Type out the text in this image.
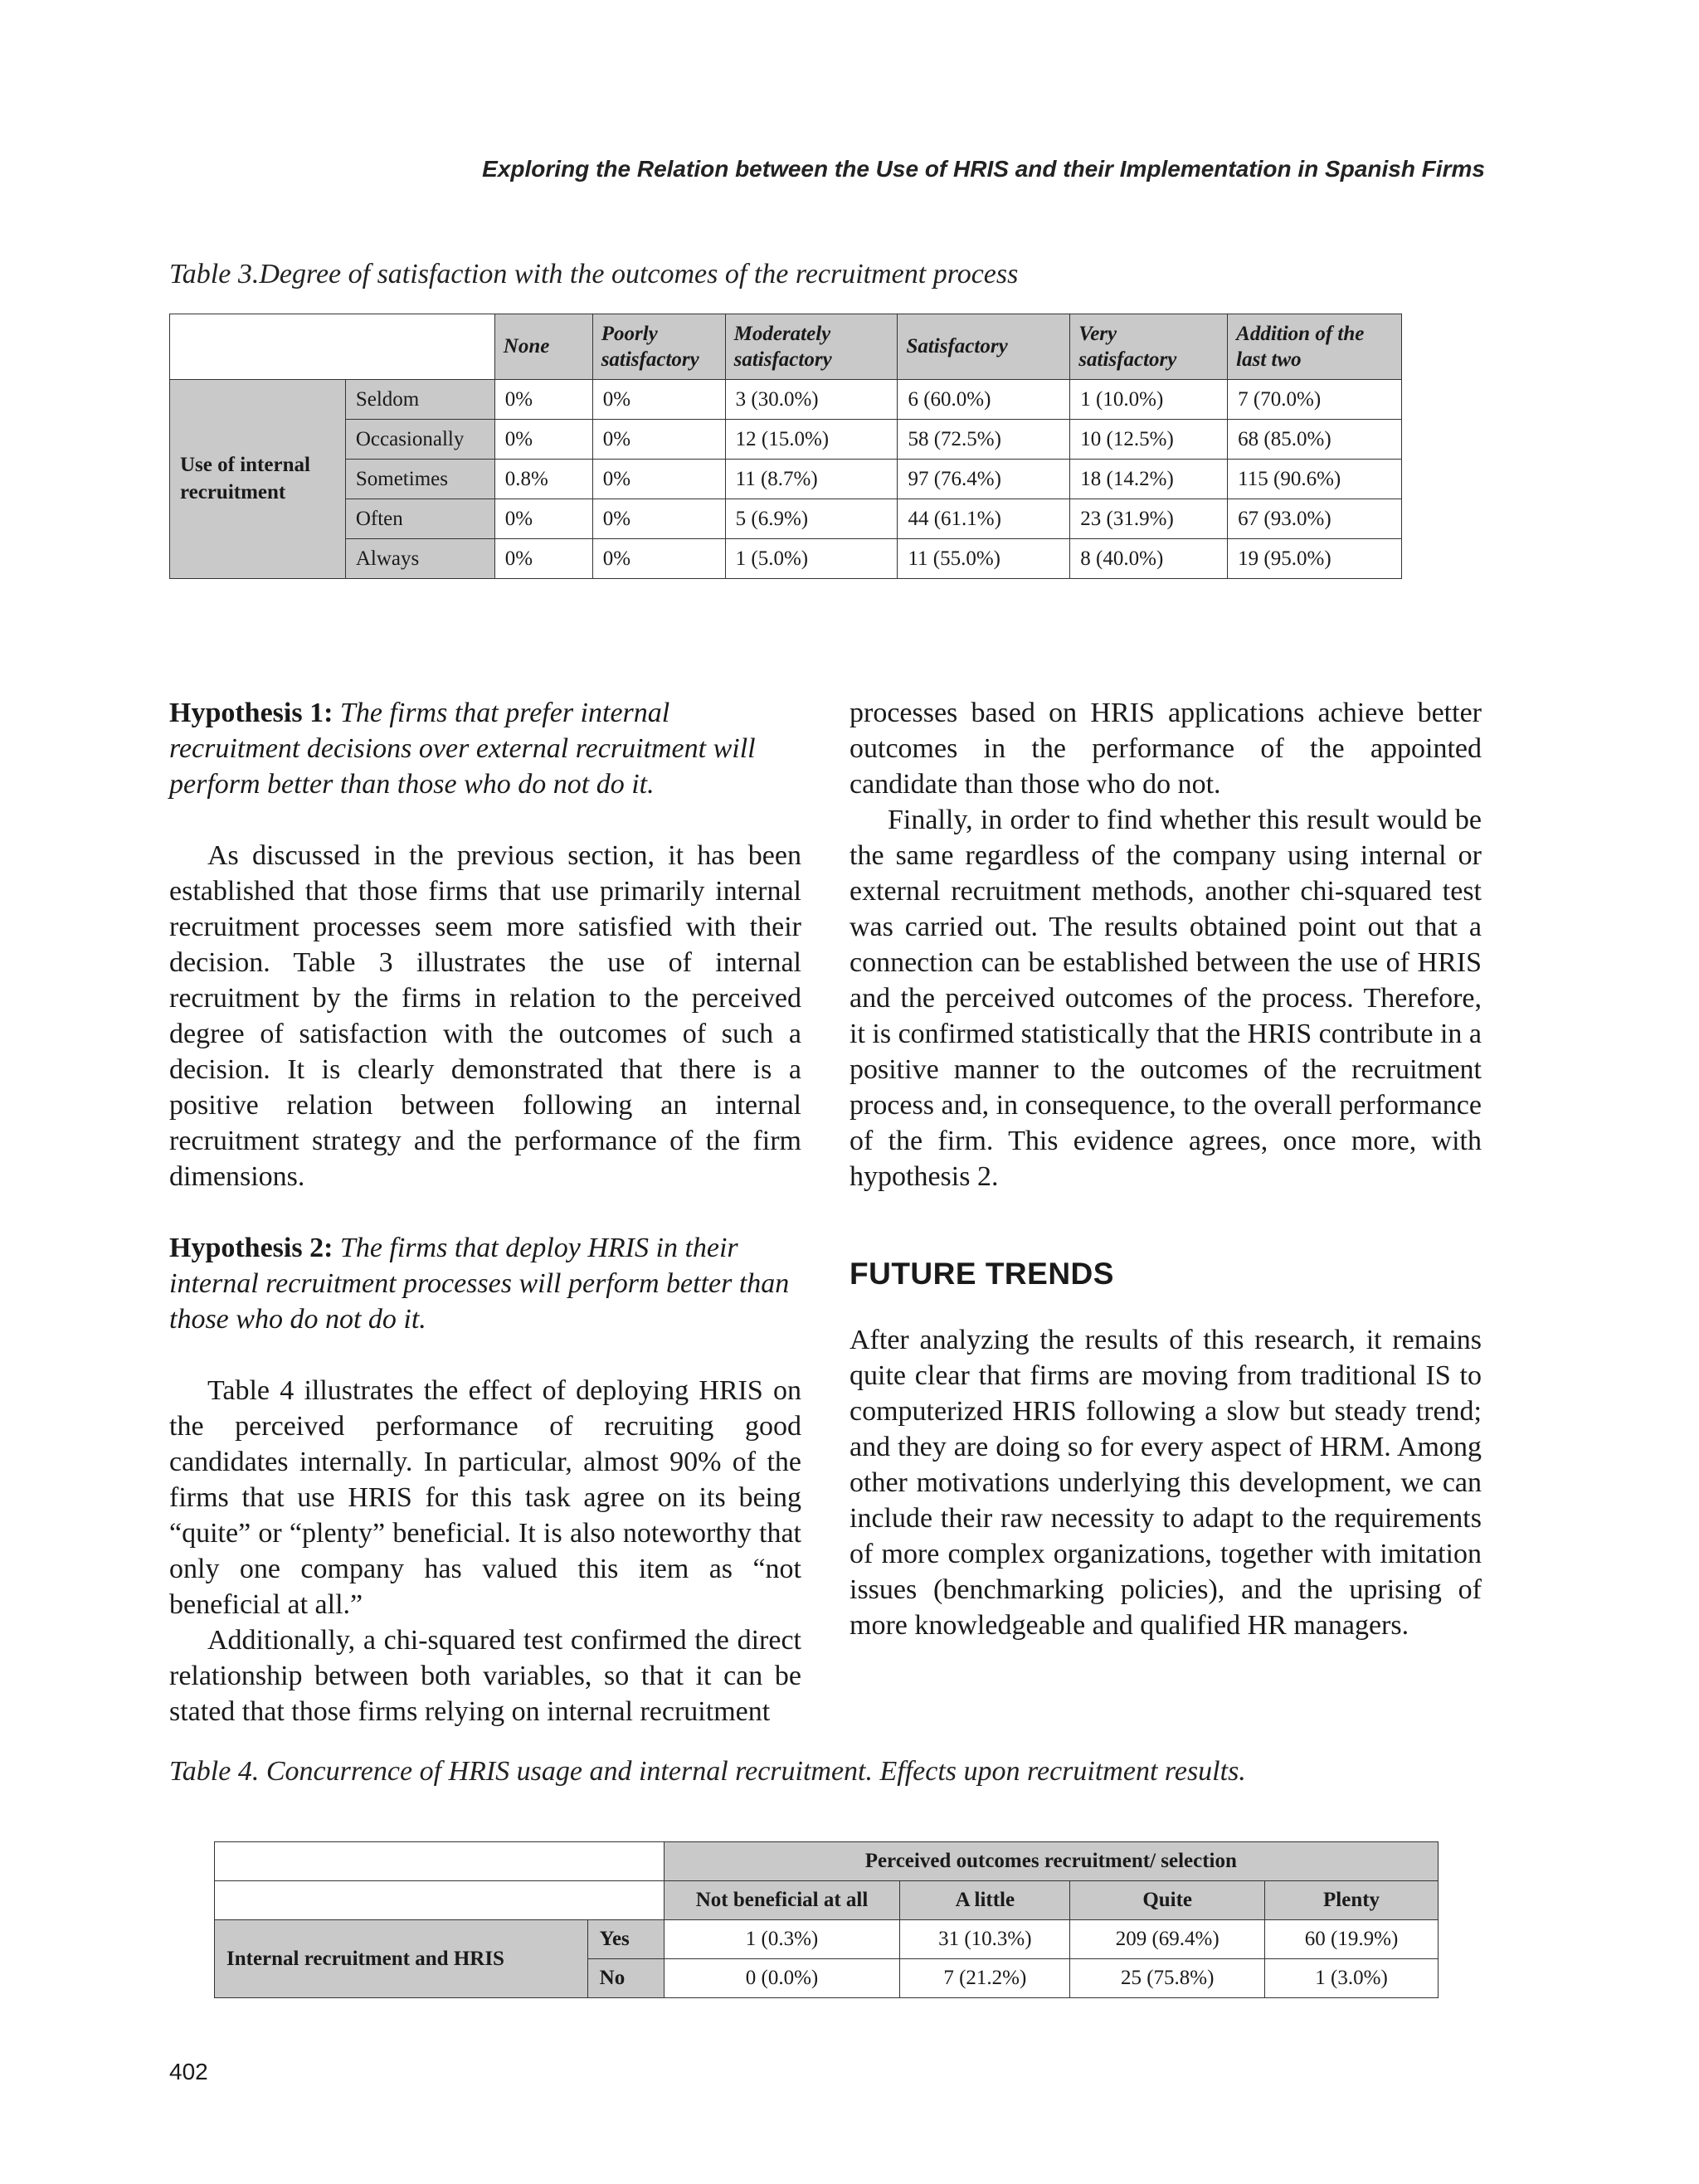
Exploring the Relation between the Use of HRIS and their Implementation in Spanish Firms

Table 3.Degree of satisfaction with the outcomes of the recruitment process

		None	Poorly satisfactory	Moderately satisfactory	Satisfactory	Very satisfactory	Addition of the last two
Use of internal recruitment	Seldom	0%	0%	3 (30.0%)	6 (60.0%)	1 (10.0%)	7 (70.0%)
	Occasionally	0%	0%	12 (15.0%)	58 (72.5%)	10 (12.5%)	68 (85.0%)
	Sometimes	0.8%	0%	11 (8.7%)	97 (76.4%)	18 (14.2%)	115 (90.6%)
	Often	0%	0%	5 (6.9%)	44 (61.1%)	23 (31.9%)	67 (93.0%)
	Always	0%	0%	1 (5.0%)	11 (55.0%)	8 (40.0%)	19 (95.0%)

Hypothesis 1: The firms that prefer internal recruitment decisions over external recruitment will perform better than those who do not do it.

As discussed in the previous section, it has been established that those firms that use primarily internal recruitment processes seem more satisfied with their decision. Table 3 illustrates the use of internal recruitment by the firms in relation to the perceived degree of satisfaction with the outcomes of such a decision. It is clearly demonstrated that there is a positive relation between following an internal recruitment strategy and the performance of the firm dimensions.

Hypothesis 2: The firms that deploy HRIS in their internal recruitment processes will perform better than those who do not do it.

Table 4 illustrates the effect of deploying HRIS on the perceived performance of recruiting good candidates internally. In particular, almost 90% of the firms that use HRIS for this task agree on its being “quite” or “plenty” beneficial. It is also noteworthy that only one company has valued this item as “not beneficial at all.”

Additionally, a chi-squared test confirmed the direct relationship between both variables, so that it can be stated that those firms relying on internal recruitment

processes based on HRIS applications achieve better outcomes in the performance of the appointed candidate than those who do not.

Finally, in order to find whether this result would be the same regardless of the company using internal or external recruitment methods, another chi-squared test was carried out. The results obtained point out that a connection can be established between the use of HRIS and the perceived outcomes of the process. Therefore, it is confirmed statistically that the HRIS contribute in a positive manner to the outcomes of the recruitment process and, in consequence, to the overall performance of the firm. This evidence agrees, once more, with hypothesis 2.

FUTURE TRENDS

After analyzing the results of this research, it remains quite clear that firms are moving from traditional IS to computerized HRIS following a slow but steady trend; and they are doing so for every aspect of HRM. Among other motivations underlying this development, we can include their raw necessity to adapt to the requirements of more complex organizations, together with imitation issues (benchmarking policies), and the uprising of more knowledgeable and qualified HR managers.

Table 4. Concurrence of HRIS usage and internal recruitment. Effects upon recruitment results.

		Perceived outcomes recruitment/ selection			
		Not beneficial at all	A little	Quite	Plenty
Internal recruitment and HRIS	Yes	1 (0.3%)	31 (10.3%)	209 (69.4%)	60 (19.9%)
	No	0 (0.0%)	7 (21.2%)	25 (75.8%)	1 (3.0%)
402
